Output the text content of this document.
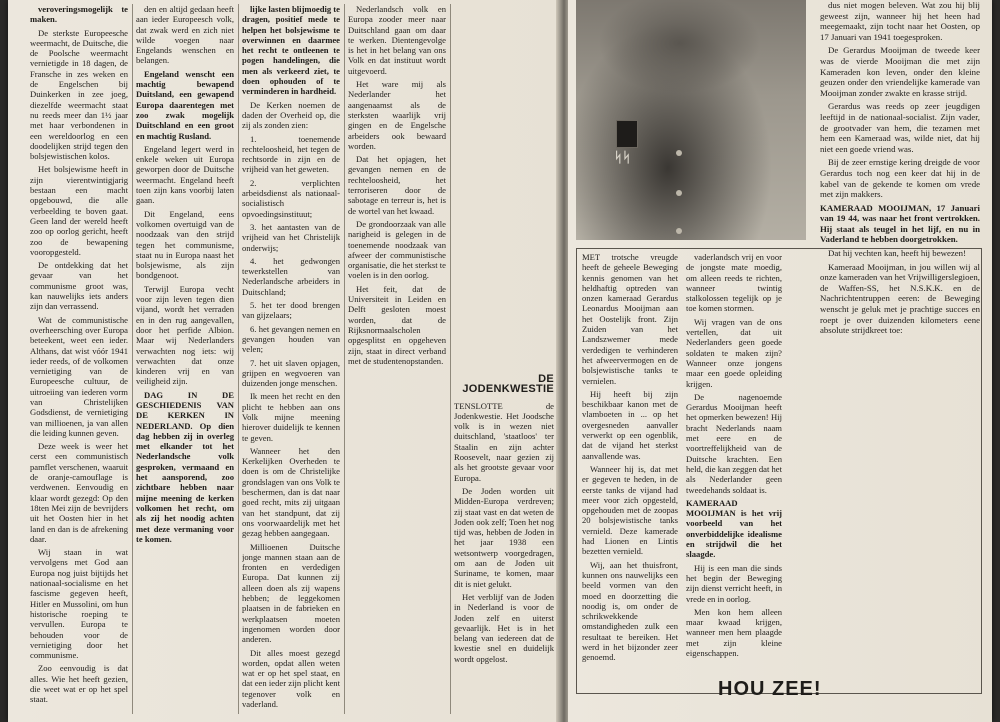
veroveringsmogelijk te maken.

De sterkste Europeesche weermacht, de Duitsche, die de Poolsche weermacht vernietigde in 18 dagen, de Fransche in zes weken en de Engelschen bij Duinkerken in zee joeg, diezelfde weermacht staat nu reeds meer dan 1½ jaar met haar verbondenen in een wereldoorlog en een doodelijken strijd tegen den bolsjewistischen kolos.

Het bolsjewisme heeft in zijn vierentwintigjarig bestaan een macht opgebouwd, die alle verbeelding te boven gaat. Geen land der wereld heeft zoo op oorlog gericht, heeft zoo de bewapening vooropgesteld.

De ontdekking dat het gevaar van het communisme groot was, kan nauwelijks iets anders zijn dan verrassend.

Wat de communistische overheersching over Europa beteekent, weet een ieder. Althans, dat wist vóór 1941 ieder reeds, of de volkomen vernietiging van de Europeesche cultuur, de uitroeiing van iederen vorm van Christelijken Godsdienst, de vernietiging van millioenen, ja van allen die leiding kunnen geven.

Deze week is weer het cerst een communistisch pamflet verschenen, waaruit de oranje-camouflage is verdwenen. Eenvoudig en klaar wordt gezegd: Op den 18ten Mei zijn de bevrijders uit het Oosten hier in het land en dan is de afrekening daar.

Wij staan in wat vervolgens met God aan Europa nog juist bijtijds het nationaal-socialisme en het fascisme gegeven heeft, Hitler en Mussolini, om hun historische roeping te vervullen. Europa te behouden voor de vernietiging door het communisme.

Zoo eenvoudig is dat alles. Wie het heeft gezien, die weet wat er op het spel staat.

den en altijd gedaan heeft aan ieder Europeesch volk, dat zwak werd en zich niet wilde voegen naar Engelands wenschen en belangen.

Engeland wenscht een machtig bewapend Duitsland, een gewapend Europa daarentegen met zoo zwak mogelijk Duitschland en een groot en machtig Rusland.

Engeland legert werd in enkele weken uit Europa geworpen door de Duitsche weermacht. Engeland heeft toen zijn kans voorbij laten gaan.

Dit Engeland, eens volkomen overtuigd van de noodzaak van den strijd tegen het communisme, staat nu in Europa naast het bolsjewisme, als zijn bondgenoot.

Terwijl Europa vecht voor zijn leven tegen dien vijand, wordt het verraden en in den rug aangevallen, door het perfide Albion. Maar wij Nederlanders verwachten nog iets: wij verwachten dat onze kinderen vrij en van veiligheid zijn.

DAG IN DE GESCHIEDENIS VAN DE KERKEN IN NEDERLAND. Op dien dag hebben zij in overleg met elkander tot het Nederlandsche volk gesproken, vermaand en het aansporend, zoo zichtbare hebben naar mijne meening de kerken volkomen het recht, om als zij het noodig achten met deze vermaning voor te komen.

lijke lasten blijmoedig te dragen, positief mede te helpen het bolsjewisme te overwinnen en daarmee het recht te ontleenen te pogen handelingen, die men als verkeerd ziet, te doen ophouden of te verminderen in hardheid.

De Kerken noemen de daden der Overheid op, die zij als zonden zien:

1. toenemende rechteloosheid, het tegen de rechtsorde in zijn en de vrijheid van het geweten.

2. verplichten arbeidsdienst als nationaal-socialistisch opvoedingsinstituut;

3. het aantasten van de vrijheid van het Christelijk onderwijs;

4. het gedwongen tewerkstellen van Nederlandsche arbeiders in Duitschland;

5. het ter dood brengen van gijzelaars;

6. het gevangen nemen en gevangen houden van velen;

7. het uit slaven opjagen, grijpen en wegvoeren van duizenden jonge menschen.

Ik meen het recht en den plicht te hebben aan ons Volk mijne meening hierover duidelijk te kennen te geven.

Wanneer het den Kerkelijken Overheden te doen is om de Christelijke grondslagen van ons Volk te beschermen, dan is dat naar goed recht, mits zij uitgaan van het standpunt, dat zij ons voorwaardelijk met het gezag hebben aangegaan.

Millioenen Duitsche jonge mannen staan aan de fronten en verdedigen Europa. Dat kunnen zij alleen doen als zij wapens hebben; de leggekomen plaatsen in de fabrieken en werkplaatsen moeten ingenomen worden door anderen.

Dit alles moest gezegd worden, opdat allen weten wat er op het spel staat, en dat een ieder zijn plicht kent tegenover volk en vaderland.

Nederlandsch volk en Europa zooder meer naar Duitschland gaan om daar te werken. Dientengevolge is het in het belang van ons Volk en dat instituut wordt uitgevoerd.

Het ware mij als Nederlander het aangenaamst als de sterksten waarlijk vrij gingen en de Engelsche arbeiders ook bewaard worden.

Dat het opjagen, het gevangen nemen en de rechteloosheid, het terroriseren door de sabotage en terreur is, het is de wortel van het kwaad.

De grondoorzaak van alle narigheid is gelegen in de toenemende noodzaak van afweer der communistische organisatie, die het sterkst te voelen is in den oorlog.

Het feit, dat de Universiteit in Leiden en Delft gesloten moest worden, dat de Rijksnormaalscholen opgesplitst en opgeheven zijn, staat in direct verband met de studentenopstanden.

DE JODENKWESTIE

TENSLOTTE de Jodenkwestie. Het Joodsche volk is in wezen niet duitschland, 'staatloos' ter Staalin en zijn achter Roosevelt, naar gezien zij als het grootste gevaar voor Europa.

De Joden worden uit Midden-Europa verdreven; zij staat vast en dat weten de Joden ook zelf; Toen het nog tijd was, hebben de Joden in het jaar 1938 een wetsontwerp voorgedragen, om aan de Joden uit Suriname, te komen, maar dit is niet gelukt.

Het verblijf van de Joden in Nederland is voor de Joden zelf en uiterst gevaarlijk. Het is in het belang van iedereen dat de kwestie snel en duidelijk wordt opgelost.

ᛋᛋ

MET trotsche vreugde heeft de geheele Beweging kennis genomen van het heldhaftig optreden van onzen kameraad Gerardus Leonardus Mooijman aan het Oostelijk front. Zijn Zuiden van het Landszwemer mede verdedigen te verhinderen het afweervermogen en de bolsjewistische tanks te vernielen.

Hij heeft bij zijn beschikbaar kanon met de vlamboeten in ... op het overgesneden aanvaller verwerkt op een ogenblik, dat de vijand het sterkst aanvallende was.

Wanneer hij is, dat met er gegeven te heden, in de eerste tanks de vijand had meer voor zich opgesteld, opgehouden met de zoopas 20 bolsjewistische tanks vernield. Deze kamerade had Lionen en Lintis bezetten vernield.

Wij, aan het thuisfront, kunnen ons nauwelijks een beeld vormen van den moed en doorzetting die noodig is, om onder de schrikwekkende omstandigheden zulk een resultaat te bereiken. Het werd in het bijzonder zeer genoemd.

vaderlandsch vrij en voor de jongste mate moedig, om alleen reeds te richten, wanneer twintig stalkolossen tegelijk op je toe komen stormen.

Wij vragen van de ons vertellen, dat uit Nederlanders geen goede soldaten te maken zijn? Wanneer onze jongens maar een goede opleiding krijgen.

De nagenoemde Gerardus Mooijman heeft het opmerken bewezen! Hij bracht Nederlands naam met eere en de voortreffelijkheid van de Duitsche krachten. Een held, die kan zeggen dat het als Nederlander geen tweedehands soldaat is.

KAMERAAD MOOIJMAN is het vrij voorbeeld van het onverbiddelijke idealisme en strijdwil die het slaagde.

Hij is een man die sinds het begin der Beweging zijn dienst verricht heeft, in vrede en in oorlog.

Men kon hem alleen maar kwaad krijgen, wanneer men hem plaagde met zijn kleine eigenschappen.

dus niet mogen beleven. Wat zou hij blij geweest zijn, wanneer hij het heen had meegemaakt, zijn tocht naar het Oosten, op 17 Januari van 1941 toegesproken.

De Gerardus Mooijman de tweede keer was de vierde Mooijman die met zijn Kameraden kon leven, onder den kleine geuzen onder den vriendelijke kamerade van Mooijman zonder zwakte en krasse strijd.

Gerardus was reeds op zeer jeugdigen leeftijd in de nationaal-socialist. Zijn vader, de grootvader van hem, die tezamen met hem een Kameraad was, wilde niet, dat hij niet een goede vriend was.

Bij de zeer ernstige kering dreigde de voor Gerardus toch nog een keer dat hij in de kabel van de gekende te komen om vrede met zijn makkers.

KAMERAAD MOOIJMAN, 17 Januari van 19 44, was naar het front vertrokken. Hij staat als teugel in het lijf, en nu in Vaderland te hebben doorgetrokken.

Dat hij vechten kan, heeft hij bewezen!

Kameraad Mooijman, in jou willen wij al onze kameraden van het Vrijwilligerslegioen, de Waffen-SS, het N.S.K.K. en de Nachrichtentruppen eeren: de Beweging wenscht je geluk met je prachtige succes en roept je over duizenden kilometers eene absolute strijdkreet toe:

HOU ZEE!
